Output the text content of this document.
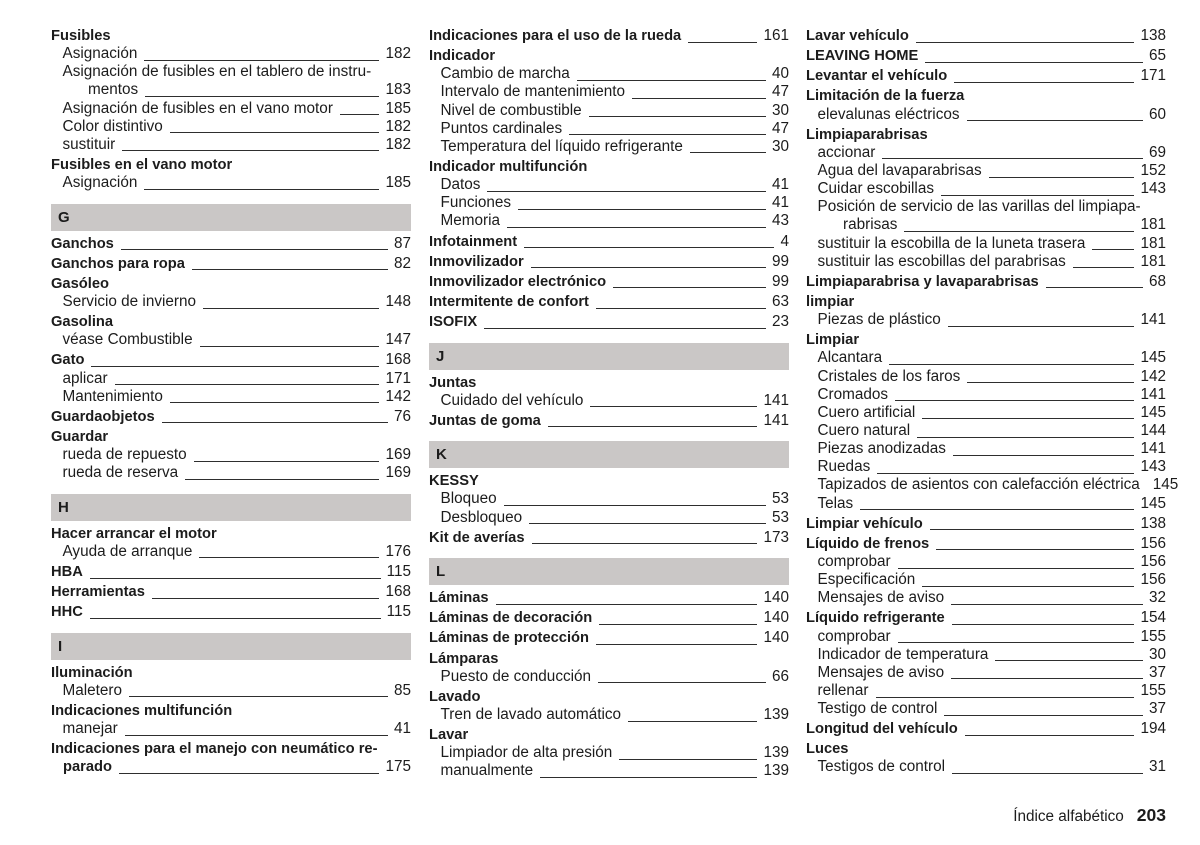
Fusibles
Asignación	182
Asignación de fusibles en el tablero de instru-
mentos	183
Asignación de fusibles en el vano motor	185
Color distintivo	182
sustituir	182
Fusibles en el vano motor
Asignación	185
G
Ganchos	87
Ganchos para ropa	82
Gasóleo
Servicio de invierno	148
Gasolina
véase Combustible	147
Gato	168
aplicar	171
Mantenimiento	142
Guardaobjetos	76
Guardar
rueda de repuesto	169
rueda de reserva	169
H
Hacer arrancar el motor
Ayuda de arranque	176
HBA	115
Herramientas	168
HHC	115
I
Iluminación
Maletero	85
Indicaciones multifunción
manejar	41
Indicaciones para el manejo con neumático re-
parado	175
Indicaciones para el uso de la rueda	161
Indicador
Cambio de marcha	40
Intervalo de mantenimiento	47
Nivel de combustible	30
Puntos cardinales	47
Temperatura del líquido refrigerante	30
Indicador multifunción
Datos	41
Funciones	41
Memoria	43
Infotainment	4
Inmovilizador	99
Inmovilizador electrónico	99
Intermitente de confort	63
ISOFIX	23
J
Juntas
Cuidado del vehículo	141
Juntas de goma	141
K
KESSY
Bloqueo	53
Desbloqueo	53
Kit de averías	173
L
Láminas	140
Láminas de decoración	140
Láminas de protección	140
Lámparas
Puesto de conducción	66
Lavado
Tren de lavado automático	139
Lavar
Limpiador de alta presión	139
manualmente	139
Lavar vehículo	138
LEAVING HOME	65
Levantar el vehículo	171
Limitación de la fuerza
elevalunas eléctricos	60
Limpiaparabrisas
accionar	69
Agua del lavaparabrisas	152
Cuidar escobillas	143
Posición de servicio de las varillas del limpiapa-
rabrisas	181
sustituir la escobilla de la luneta trasera	181
sustituir las escobillas del parabrisas	181
Limpiaparabrisa y lavaparabrisas	68
limpiar
Piezas de plástico	141
Limpiar
Alcantara	145
Cristales de los faros	142
Cromados	141
Cuero artificial	145
Cuero natural	144
Piezas anodizadas	141
Ruedas	143
Tapizados de asientos con calefacción eléctrica 145
Telas	145
Limpiar vehículo	138
Líquido de frenos	156
comprobar	156
Especificación	156
Mensajes de aviso	32
Líquido refrigerante	154
comprobar	155
Indicador de temperatura	30
Mensajes de aviso	37
rellenar	155
Testigo de control	37
Longitud del vehículo	194
Luces
Testigos de control	31
Índice alfabético 203
